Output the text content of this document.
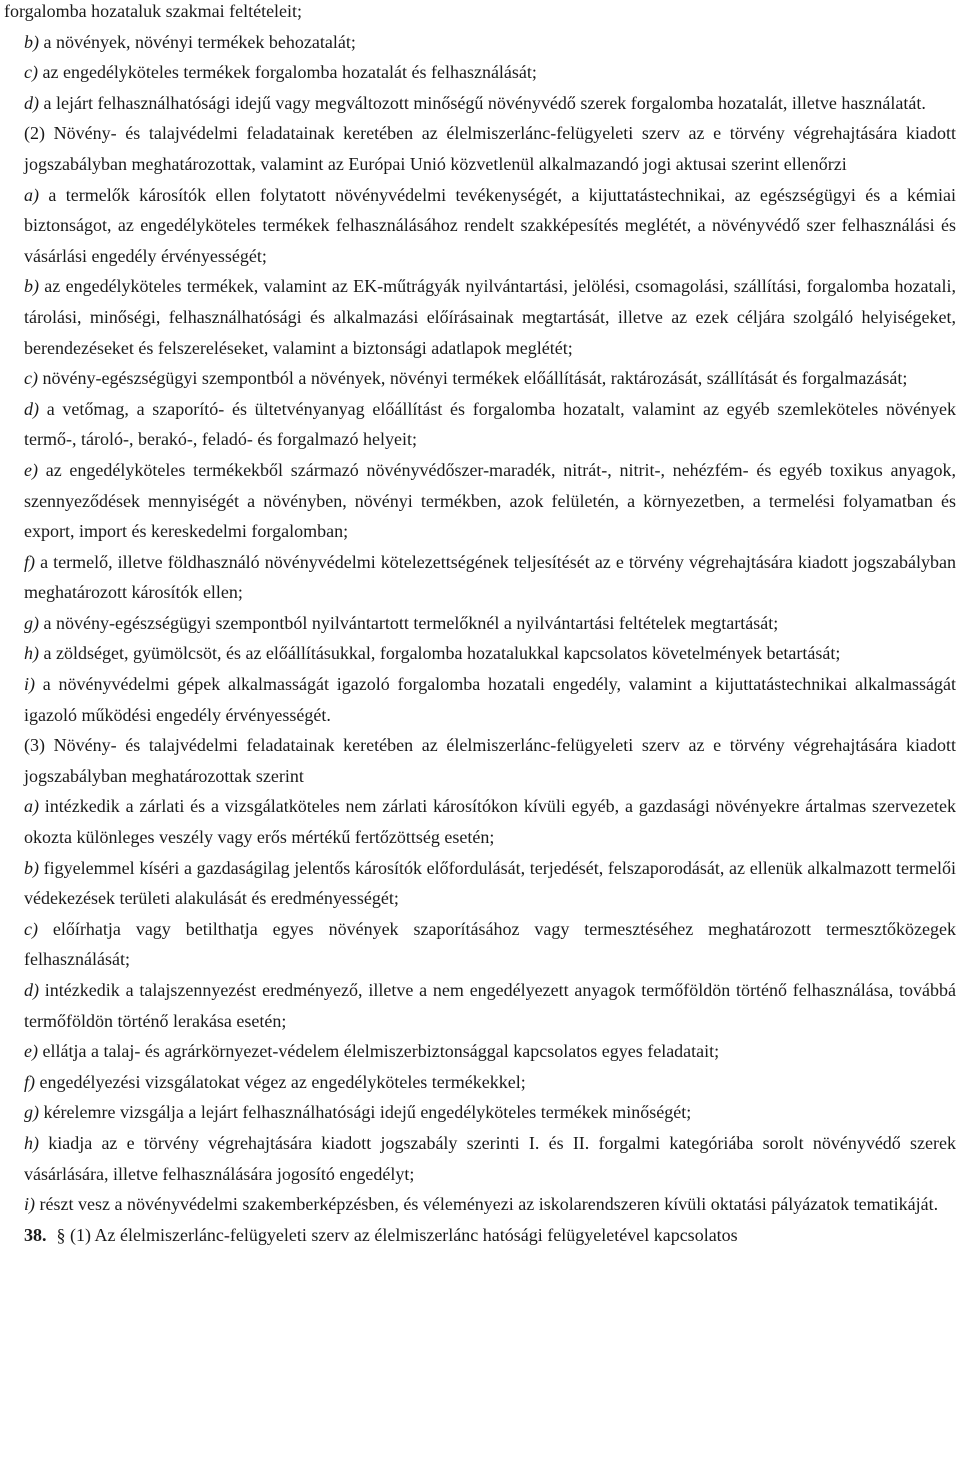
forgalomba hozataluk szakmai feltételeit;

b) a növények, növényi termékek behozatalát;

c) az engedélyköteles termékek forgalomba hozatalát és felhasználását;

d) a lejárt felhasználhatósági idejű vagy megváltozott minőségű növényvédő szerek forgalomba hozatalát, illetve használatát.

(2) Növény- és talajvédelmi feladatainak keretében az élelmiszerlánc-felügyeleti szerv az e törvény végrehajtására kiadott jogszabályban meghatározottak, valamint az Európai Unió közvetlenül alkalmazandó jogi aktusai szerint ellenőrzi

a) a termelők károsítók ellen folytatott növényvédelmi tevékenységét, a kijuttatástechnikai, az egészségügyi és a kémiai biztonságot, az engedélyköteles termékek felhasználásához rendelt szakképesítés meglétét, a növényvédő szer felhasználási és vásárlási engedély érvényességét;

b) az engedélyköteles termékek, valamint az EK-műtrágyák nyilvántartási, jelölési, csomagolási, szállítási, forgalomba hozatali, tárolási, minőségi, felhasználhatósági és alkalmazási előírásainak megtartását, illetve az ezek céljára szolgáló helyiségeket, berendezéseket és felszereléseket, valamint a biztonsági adatlapok meglétét;

c) növény-egészségügyi szempontból a növények, növényi termékek előállítását, raktározását, szállítását és forgalmazását;

d) a vetőmag, a szaporító- és ültetvényanyag előállítást és forgalomba hozatalt, valamint az egyéb szemleköteles növények termő-, tároló-, berakó-, feladó- és forgalmazó helyeit;

e) az engedélyköteles termékekből származó növényvédőszer-maradék, nitrát-, nitrit-, nehézfém- és egyéb toxikus anyagok, szennyeződések mennyiségét a növényben, növényi termékben, azok felületén, a környezetben, a termelési folyamatban és export, import és kereskedelmi forgalomban;

f) a termelő, illetve földhasználó növényvédelmi kötelezettségének teljesítését az e törvény végrehajtására kiadott jogszabályban meghatározott károsítók ellen;

g) a növény-egészségügyi szempontból nyilvántartott termelőknél a nyilvántartási feltételek megtartását;

h) a zöldséget, gyümölcsöt, és az előállításukkal, forgalomba hozatalukkal kapcsolatos követelmények betartását;

i) a növényvédelmi gépek alkalmasságát igazoló forgalomba hozatali engedély, valamint a kijuttatástechnikai alkalmasságát igazoló működési engedély érvényességét.

(3) Növény- és talajvédelmi feladatainak keretében az élelmiszerlánc-felügyeleti szerv az e törvény végrehajtására kiadott jogszabályban meghatározottak szerint

a) intézkedik a zárlati és a vizsgálatköteles nem zárlati károsítókon kívüli egyéb, a gazdasági növényekre ártalmas szervezetek okozta különleges veszély vagy erős mértékű fertőzöttség esetén;

b) figyelemmel kíséri a gazdaságilag jelentős károsítók előfordulását, terjedését, felszaporodását, az ellenük alkalmazott termelői védekezések területi alakulását és eredményességét;

c) előírhatja vagy betilthatja egyes növények szaporításához vagy termesztéséhez meghatározott termesztőközegek felhasználását;

d) intézkedik a talajszennyezést eredményező, illetve a nem engedélyezett anyagok termőföldön történő felhasználása, továbbá termőföldön történő lerakása esetén;

e) ellátja a talaj- és agrárkörnyezet-védelem élelmiszerbiztonsággal kapcsolatos egyes feladatait;

f) engedélyezési vizsgálatokat végez az engedélyköteles termékekkel;

g) kérelemre vizsgálja a lejárt felhasználhatósági idejű engedélyköteles termékek minőségét;

h) kiadja az e törvény végrehajtására kiadott jogszabály szerinti I. és II. forgalmi kategóriába sorolt növényvédő szerek vásárlására, illetve felhasználására jogosító engedélyt;

i) részt vesz a növényvédelmi szakemberképzésben, és véleményezi az iskolarendszeren kívüli oktatási pályázatok tematikáját.

38. § (1) Az élelmiszerlánc-felügyeleti szerv az élelmiszerlánc hatósági felügyeletével kapcsolatos
